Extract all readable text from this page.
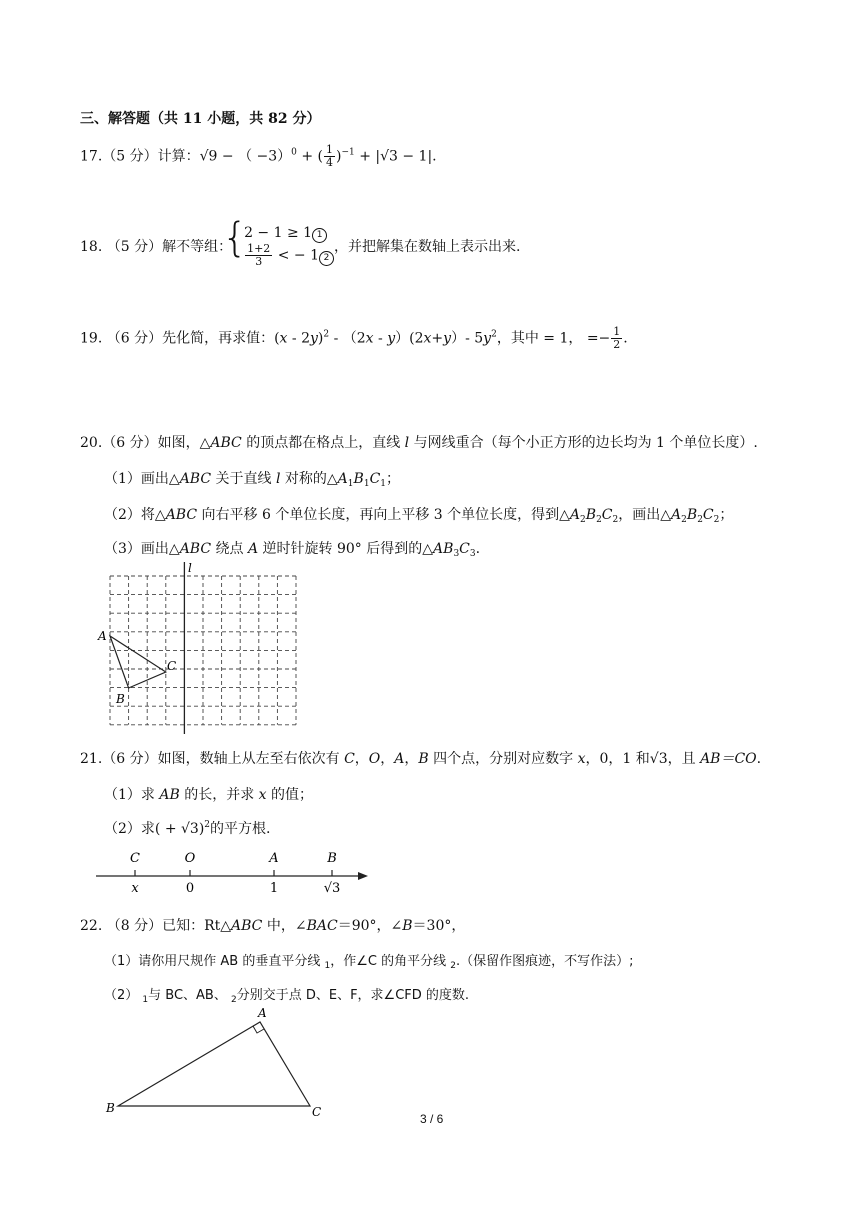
三、解答题（共 11 小题，共 82 分）
17.（5 分）计算：√9 − （ −3）$^0$ + ( $\frac{1}{4} )^{-1} + |√3 - 1|$.
18. （5 分）解不等组：
{
2 − 1 ≥ 1 1
$\frac{1+2}{3}$ < − 1 2
，并把解集在数轴上表示出来.
19. （6 分）先化简，再求值：(x - 2y)$^2$ - （2x - y）(2x+y）- $5y^2$，其中 = 1， =− $\frac{1}{2}$ .
20.（6 分）如图，△ABC 的顶点都在格点上，直线 l 与网线重合（每个小正方形的边长均为 1 个单位长度）.
（1）画出△ABC 关于直线 l 对称的$\triangle A_1B_1C_1$；
（2）将△ABC 向右平移 6 个单位长度，再向上平移 3 个单位长度，得到$\triangle A_2B_2C_2$，画出$\triangle A_2B_2C_2$；
（3）画出△ABC 绕点 A 逆时针旋转 90° 后得到的$\triangle AB_3C_3$.
l
A
C
B
21.（6 分）如图，数轴上从左至右依次有 C，O，A，B 四个点，分别对应数字 x，0，1 和√3，且 AB＝CO.
（1）求 AB 的长，并求 x 的值；
（2）求( + √3)$^2$的平方根.
C	O	A	B
x	0	1	√3
22. （8 分）已知：Rt△ABC 中，∠BAC＝90°，∠B＝30°，
（1）请你用尺规作 AB 的垂直平分线 $_1$，作∠C 的角平分线 $_2$.（保留作图痕迹，不写作法）;
（2） $_1$与 BC、AB、 $_2$分别交于点 D、E、F，求∠CFD 的度数.
A
B	C	3 / 6
